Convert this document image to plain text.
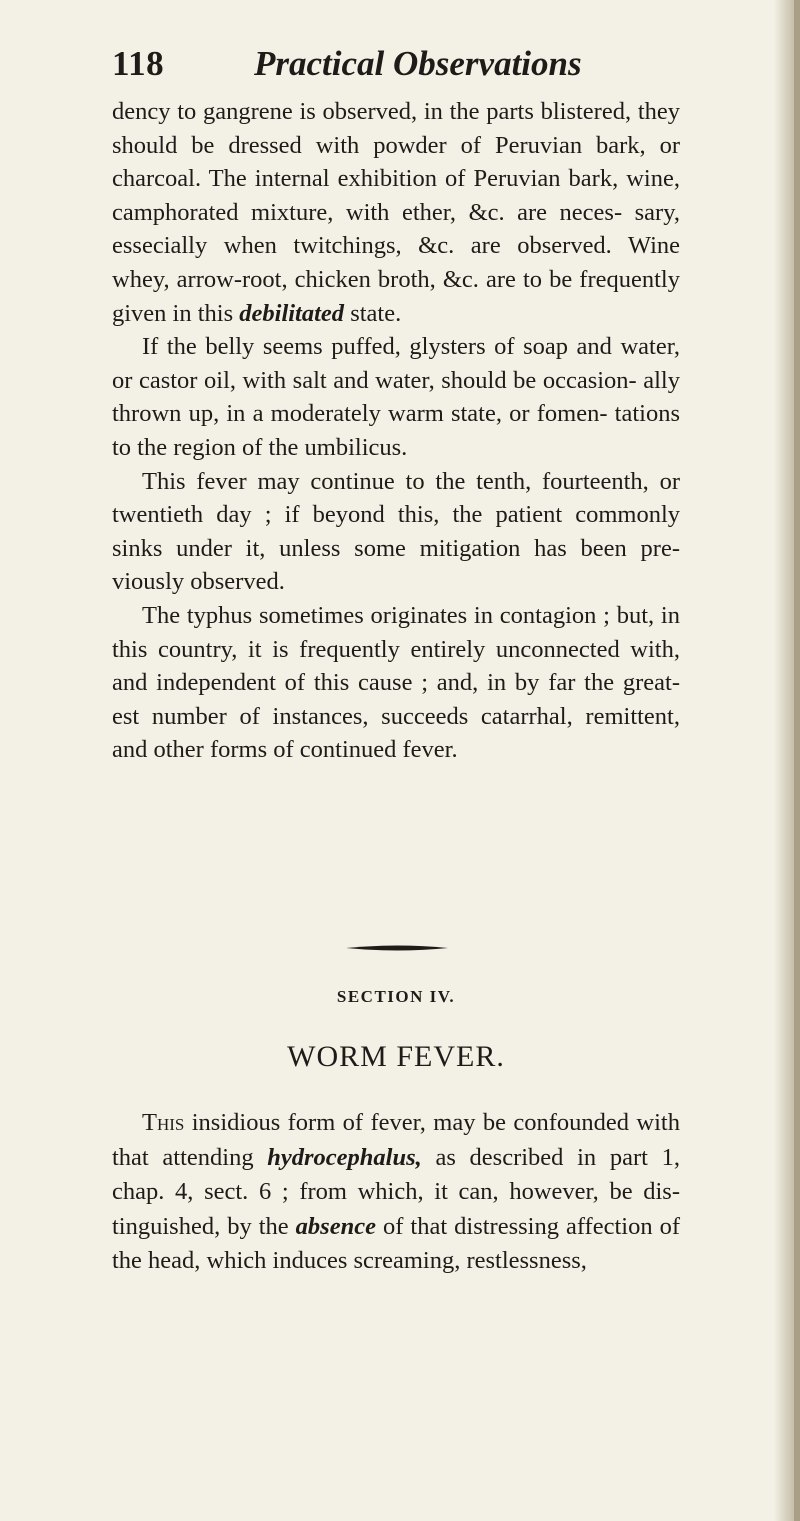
118	Practical Observations

dency to gangrene is observed, in the parts blistered, they should be dressed with powder of Peruvian bark, or charcoal. The internal exhibition of Peruvian bark, wine, camphorated mixture, with ether, &c. are neces- sary, essecially when twitchings, &c. are observed. Wine whey, arrow-root, chicken broth, &c. are to be frequently given in this debilitated state.

If the belly seems puffed, glysters of soap and water, or castor oil, with salt and water, should be occasion- ally thrown up, in a moderately warm state, or fomen- tations to the region of the umbilicus.

This fever may continue to the tenth, fourteenth, or twentieth day ; if beyond this, the patient commonly sinks under it, unless some mitigation has been pre- viously observed.

The typhus sometimes originates in contagion ; but, in this country, it is frequently entirely unconnected with, and independent of this cause ; and, in by far the great- est number of instances, succeeds catarrhal, remittent, and other forms of continued fever.

SECTION IV.
WORM FEVER.

This insidious form of fever, may be confounded with that attending hydrocephalus, as described in part 1, chap. 4, sect. 6 ; from which, it can, however, be dis- tinguished, by the absence of that distressing affection of the head, which induces screaming, restlessness,
